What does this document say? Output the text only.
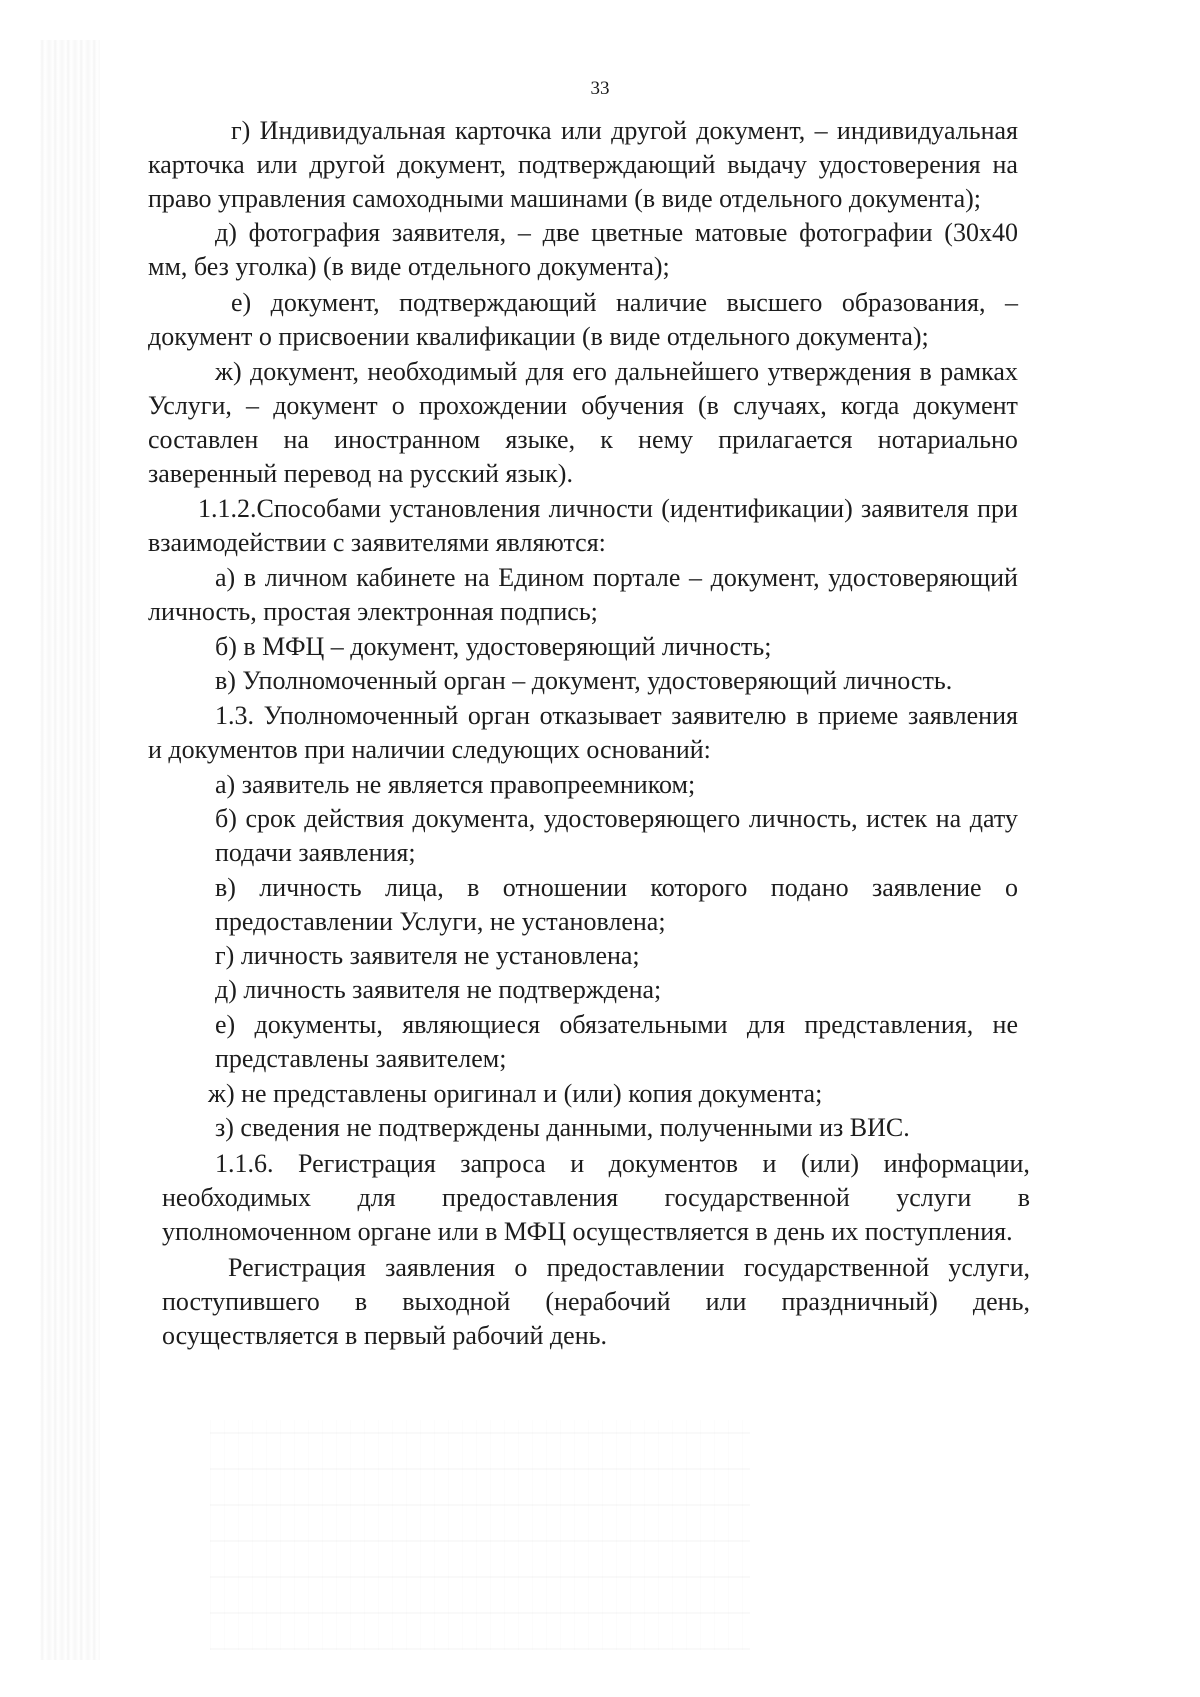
33
г) Индивидуальная карточка или другой документ, – индивидуальная
карточка или другой документ, подтверждающий выдачу удостоверения на
право управления самоходными машинами (в виде отдельного документа);
д) фотография заявителя, – две цветные матовые фотографии (30х40
мм, без уголка) (в виде отдельного документа);
е) документ, подтверждающий наличие высшего образования, –
документ о присвоении квалификации (в виде отдельного документа);
ж) документ, необходимый для его дальнейшего утверждения в рамках
Услуги, – документ о прохождении обучения (в случаях, когда документ
составлен на иностранном языке, к нему прилагается нотариально
заверенный перевод на русский язык).
1.1.2.Способами установления личности (идентификации) заявителя при
взаимодействии с заявителями являются:
а) в личном кабинете на Едином портале – документ, удостоверяющий
личность, простая электронная подпись;
б) в МФЦ – документ, удостоверяющий личность;
в) Уполномоченный орган – документ, удостоверяющий личность.
1.3. Уполномоченный орган отказывает заявителю в приеме заявления
и документов при наличии следующих оснований:
а) заявитель не является правопреемником;
б) срок действия документа, удостоверяющего личность, истек на дату
подачи заявления;
в) личность лица, в отношении которого подано заявление о
предоставлении Услуги, не установлена;
г) личность заявителя не установлена;
д) личность заявителя не подтверждена;
е) документы, являющиеся обязательными для представления, не
представлены заявителем;
ж) не представлены оригинал и (или) копия документа;
з) сведения не подтверждены данными, полученными из ВИС.
1.1.6. Регистрация запроса и документов и (или) информации,
необходимых для предоставления государственной услуги в
уполномоченном органе или в МФЦ осуществляется в день их поступления.
Регистрация заявления о предоставлении государственной услуги,
поступившего в выходной (нерабочий или праздничный) день,
осуществляется в первый рабочий день.
